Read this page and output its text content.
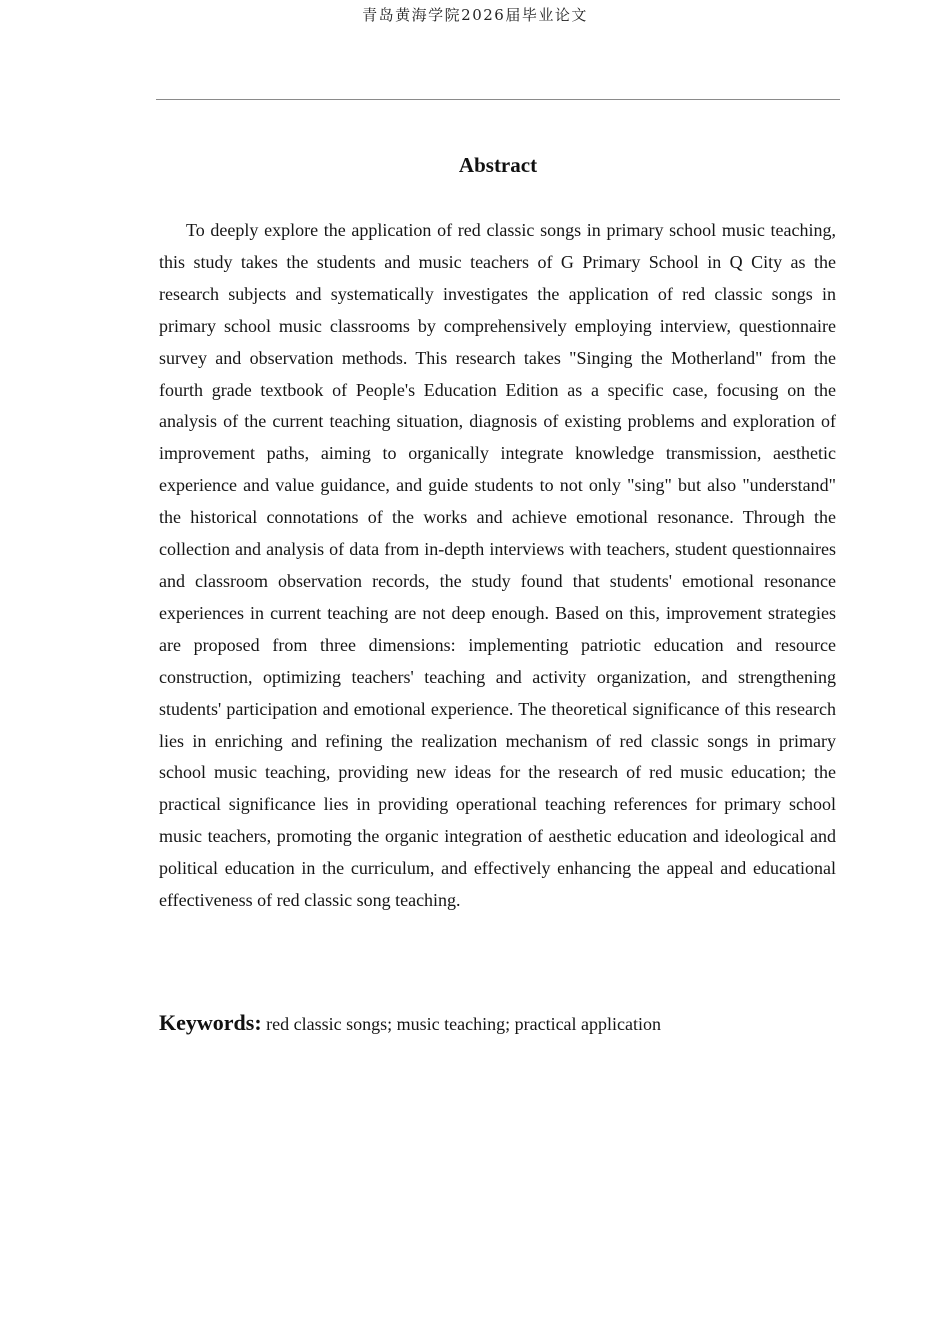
青岛黄海学院2026届毕业论文
Abstract

To deeply explore the application of red classic songs in primary school music teaching, this study takes the students and music teachers of G Primary School in Q City as the research subjects and systematically investigates the application of red classic songs in primary school music classrooms by comprehensively employing interview, questionnaire survey and observation methods. This research takes "Singing the Motherland" from the fourth grade textbook of People's Education Edition as a specific case, focusing on the analysis of the current teaching situation, diagnosis of existing problems and exploration of improvement paths, aiming to organically integrate knowledge transmission, aesthetic experience and value guidance, and guide students to not only "sing" but also "understand" the historical connotations of the works and achieve emotional resonance. Through the collection and analysis of data from in-depth interviews with teachers, student questionnaires and classroom observation records, the study found that students' emotional resonance experiences in current teaching are not deep enough. Based on this, improvement strategies are proposed from three dimensions: implementing patriotic education and resource construction, optimizing teachers' teaching and activity organization, and strengthening students' participation and emotional experience. The theoretical significance of this research lies in enriching and refining the realization mechanism of red classic songs in primary school music teaching, providing new ideas for the research of red music education; the practical significance lies in providing operational teaching references for primary school music teachers, promoting the organic integration of aesthetic education and ideological and political education in the curriculum, and effectively enhancing the appeal and educational effectiveness of red classic song teaching.

Keywords: red classic songs; music teaching; practical application
